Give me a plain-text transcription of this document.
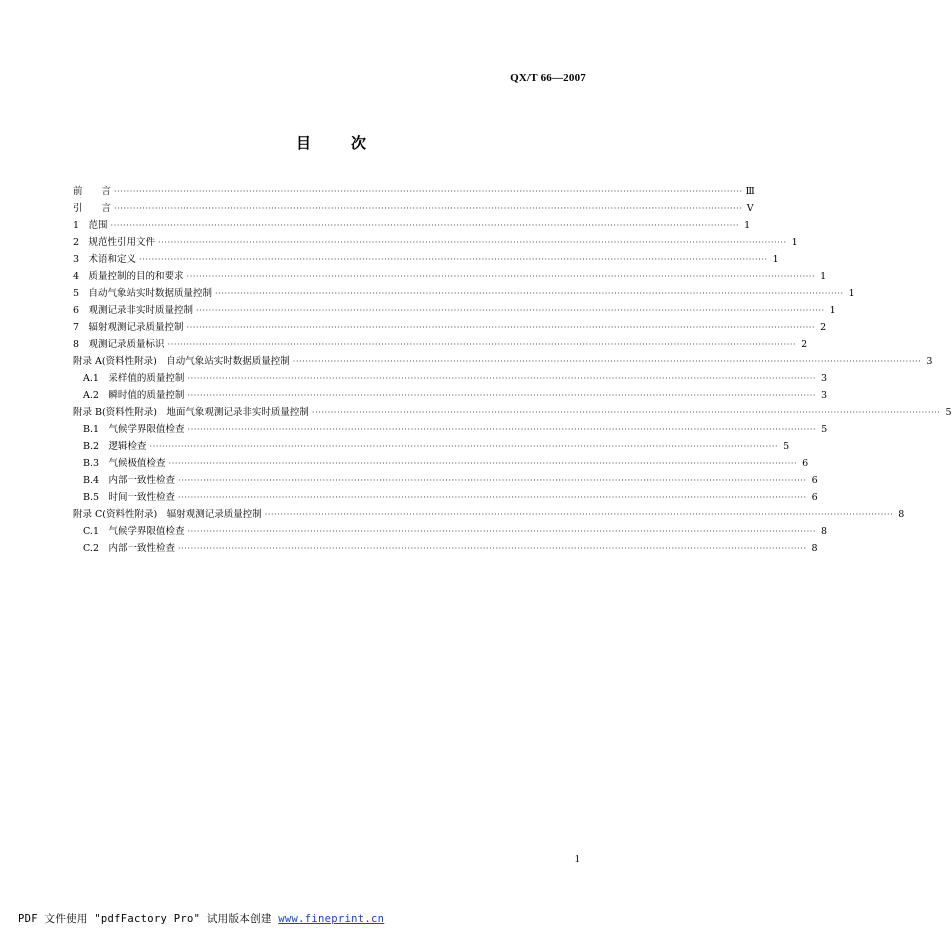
QX/T 66—2007
目	次
前　　言 ········································································································································································································ Ⅲ
引　　言 ········································································································································································································ Ⅴ
1　范围 ········································································································································································································ 1
2　规范性引用文件 ········································································································································································································ 1
3　术语和定义 ········································································································································································································ 1
4　质量控制的目的和要求 ········································································································································································································ 1
5　自动气象站实时数据质量控制 ········································································································································································································ 1
6　观测记录非实时质量控制 ········································································································································································································ 1
7　辐射观测记录质量控制 ········································································································································································································ 2
8　观测记录质量标识 ········································································································································································································ 2
附录 A(资料性附录)　自动气象站实时数据质量控制 ········································································································································································································ 3
A.1　采样值的质量控制 ········································································································································································································ 3
A.2　瞬时值的质量控制 ········································································································································································································ 3
附录 B(资料性附录)　地面气象观测记录非实时质量控制 ········································································································································································································ 5
B.1　气候学界限值检查 ········································································································································································································ 5
B.2　逻辑检查 ········································································································································································································ 5
B.3　气候极值检查 ········································································································································································································ 6
B.4　内部一致性检查 ········································································································································································································ 6
B.5　时间一致性检查 ········································································································································································································ 6
附录 C(资料性附录)　辐射观测记录质量控制 ········································································································································································································ 8
C.1　气候学界限值检查 ········································································································································································································ 8
C.2　内部一致性检查 ········································································································································································································ 8
1
PDF 文件使用 "pdfFactory Pro" 试用版本创建 www.fineprint.cn
